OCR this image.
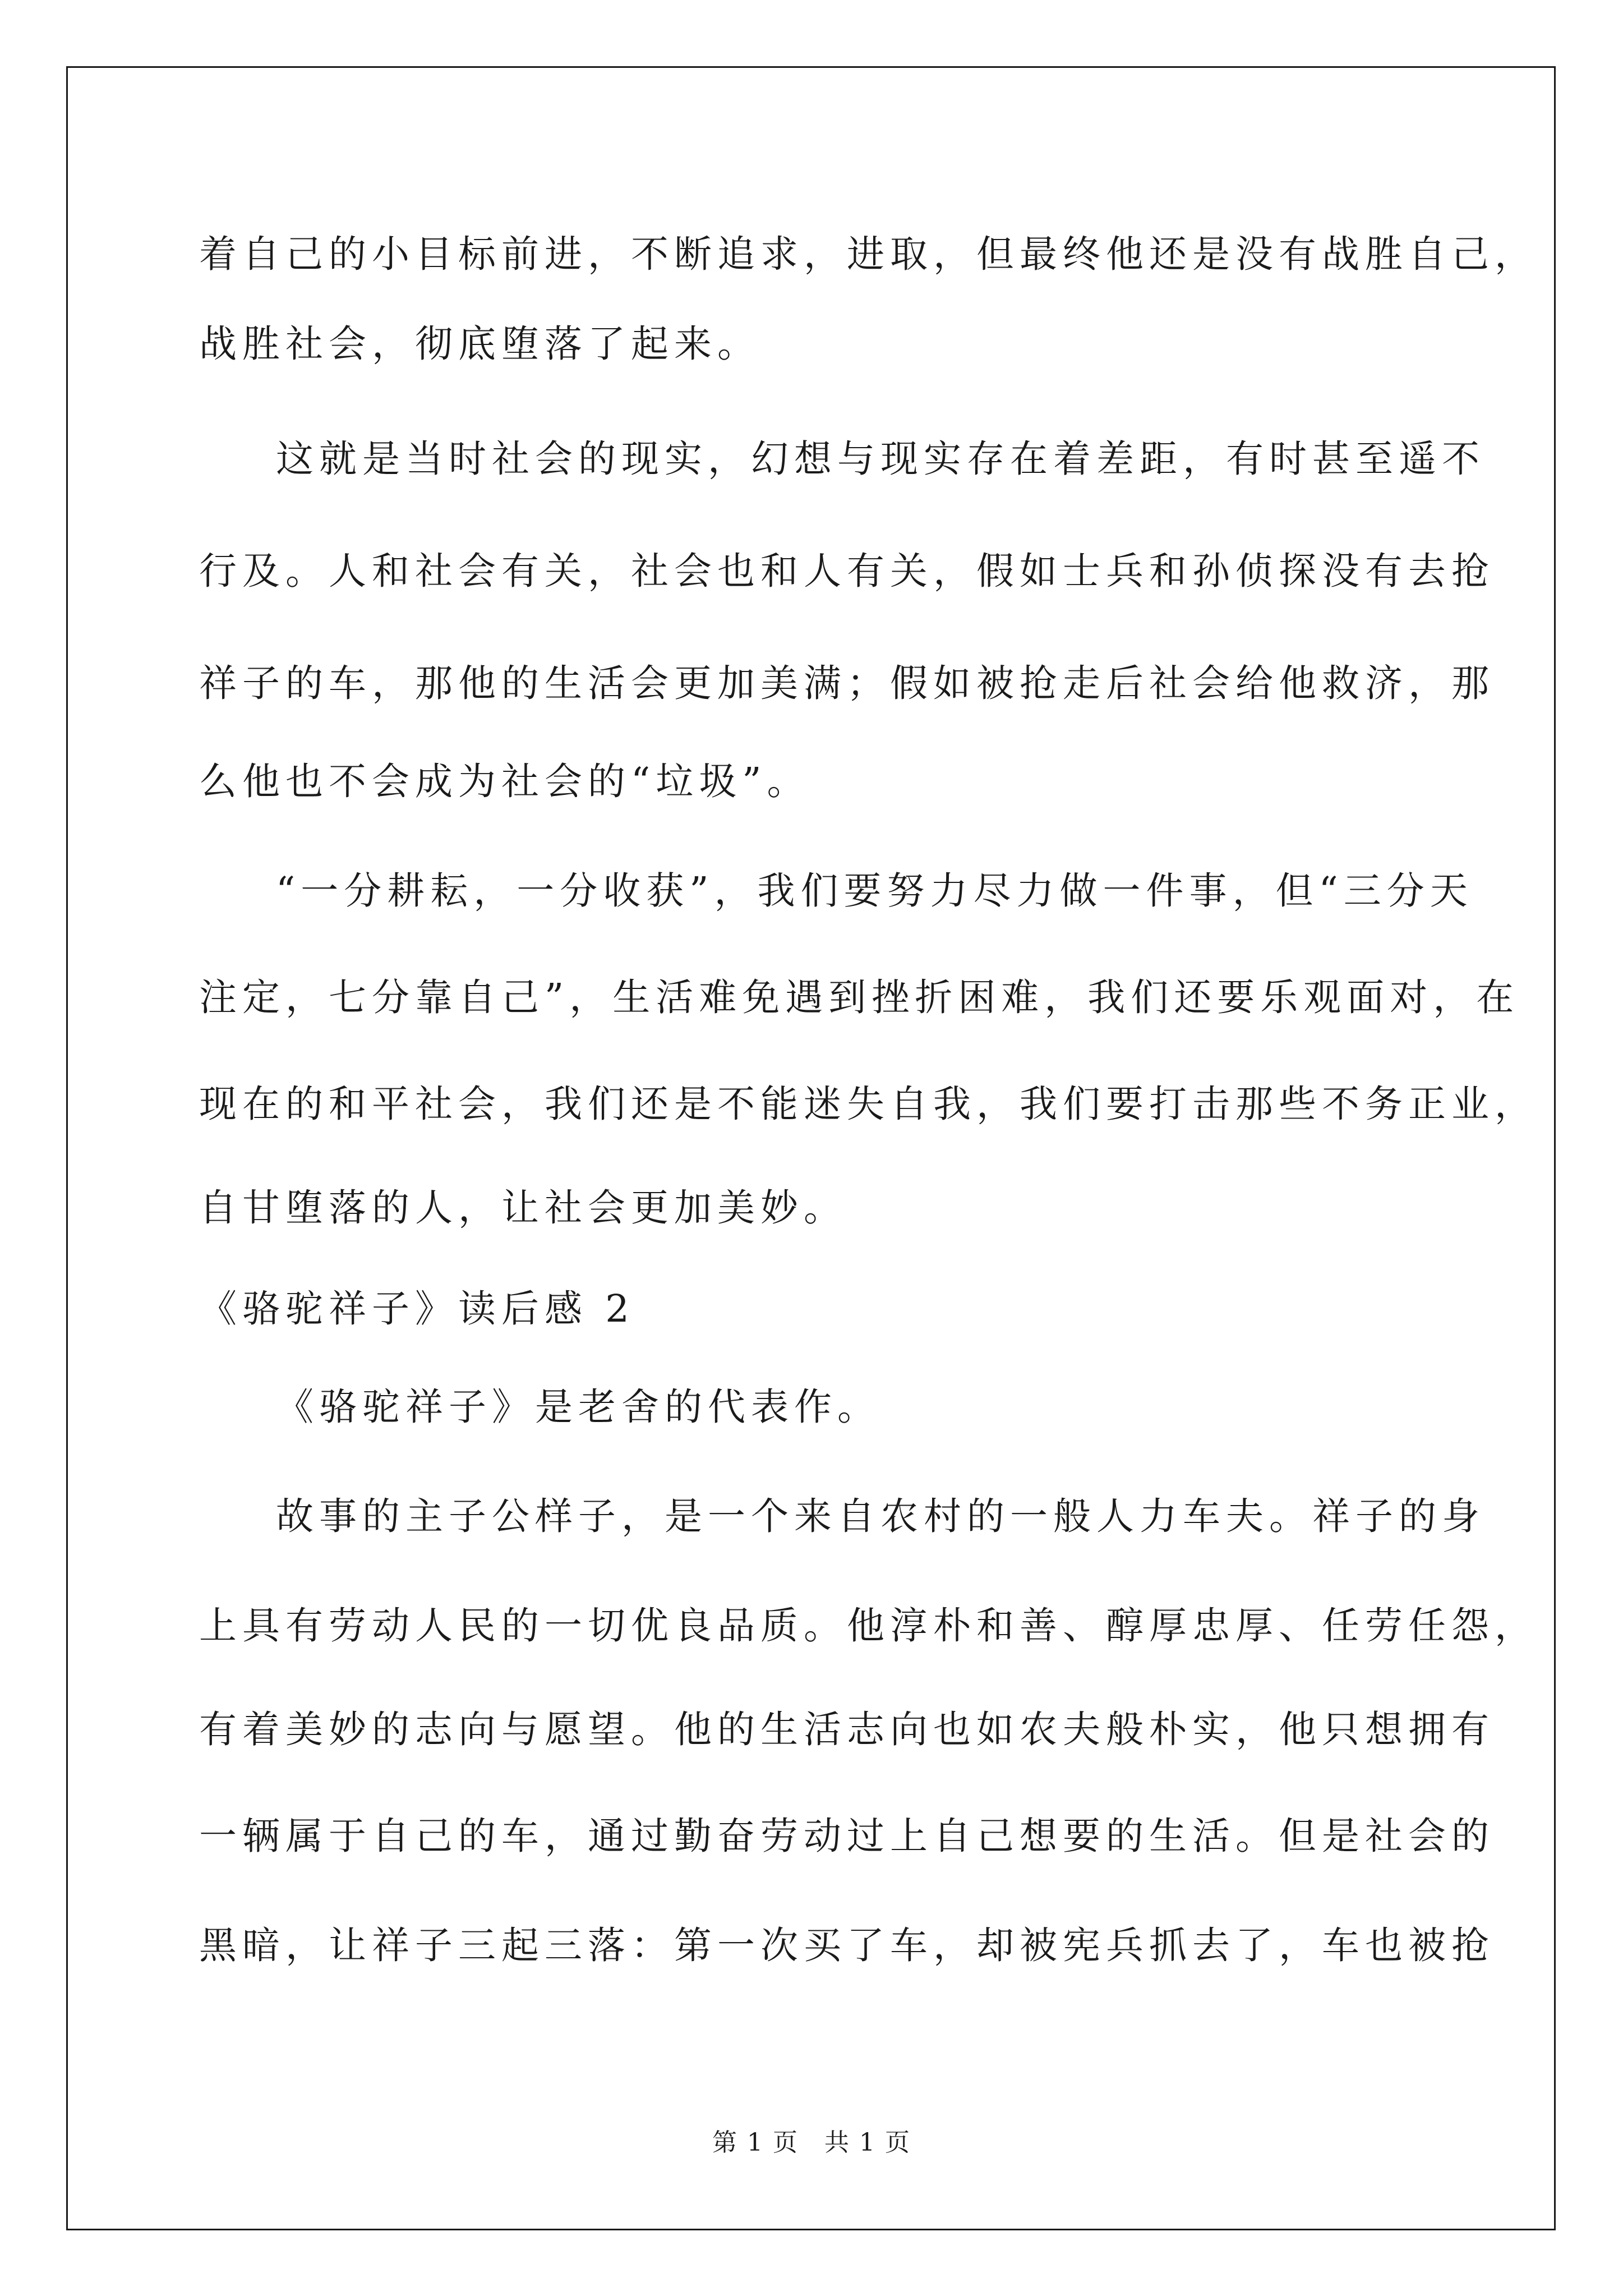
着自己的小目标前进，不断追求，进取，但最终他还是没有战胜自己，
战胜社会，彻底堕落了起来。
这就是当时社会的现实，幻想与现实存在着差距，有时甚至遥不
行及。人和社会有关，社会也和人有关，假如士兵和孙侦探没有去抢
祥子的车，那他的生活会更加美满；假如被抢走后社会给他救济，那
么他也不会成为社会的“垃圾”。
“一分耕耘，一分收获”，我们要努力尽力做一件事，但“三分天
注定，七分靠自己”，生活难免遇到挫折困难，我们还要乐观面对，在
现在的和平社会，我们还是不能迷失自我，我们要打击那些不务正业，
自甘堕落的人，让社会更加美妙。
《骆驼祥子》读后感 2
《骆驼祥子》是老舍的代表作。
故事的主子公样子，是一个来自农村的一般人力车夫。祥子的身
上具有劳动人民的一切优良品质。他淳朴和善、醇厚忠厚、任劳任怨，
有着美妙的志向与愿望。他的生活志向也如农夫般朴实，他只想拥有
一辆属于自己的车，通过勤奋劳动过上自己想要的生活。但是社会的
黑暗，让祥子三起三落：第一次买了车，却被宪兵抓去了，车也被抢
第 1 页 共 1 页
